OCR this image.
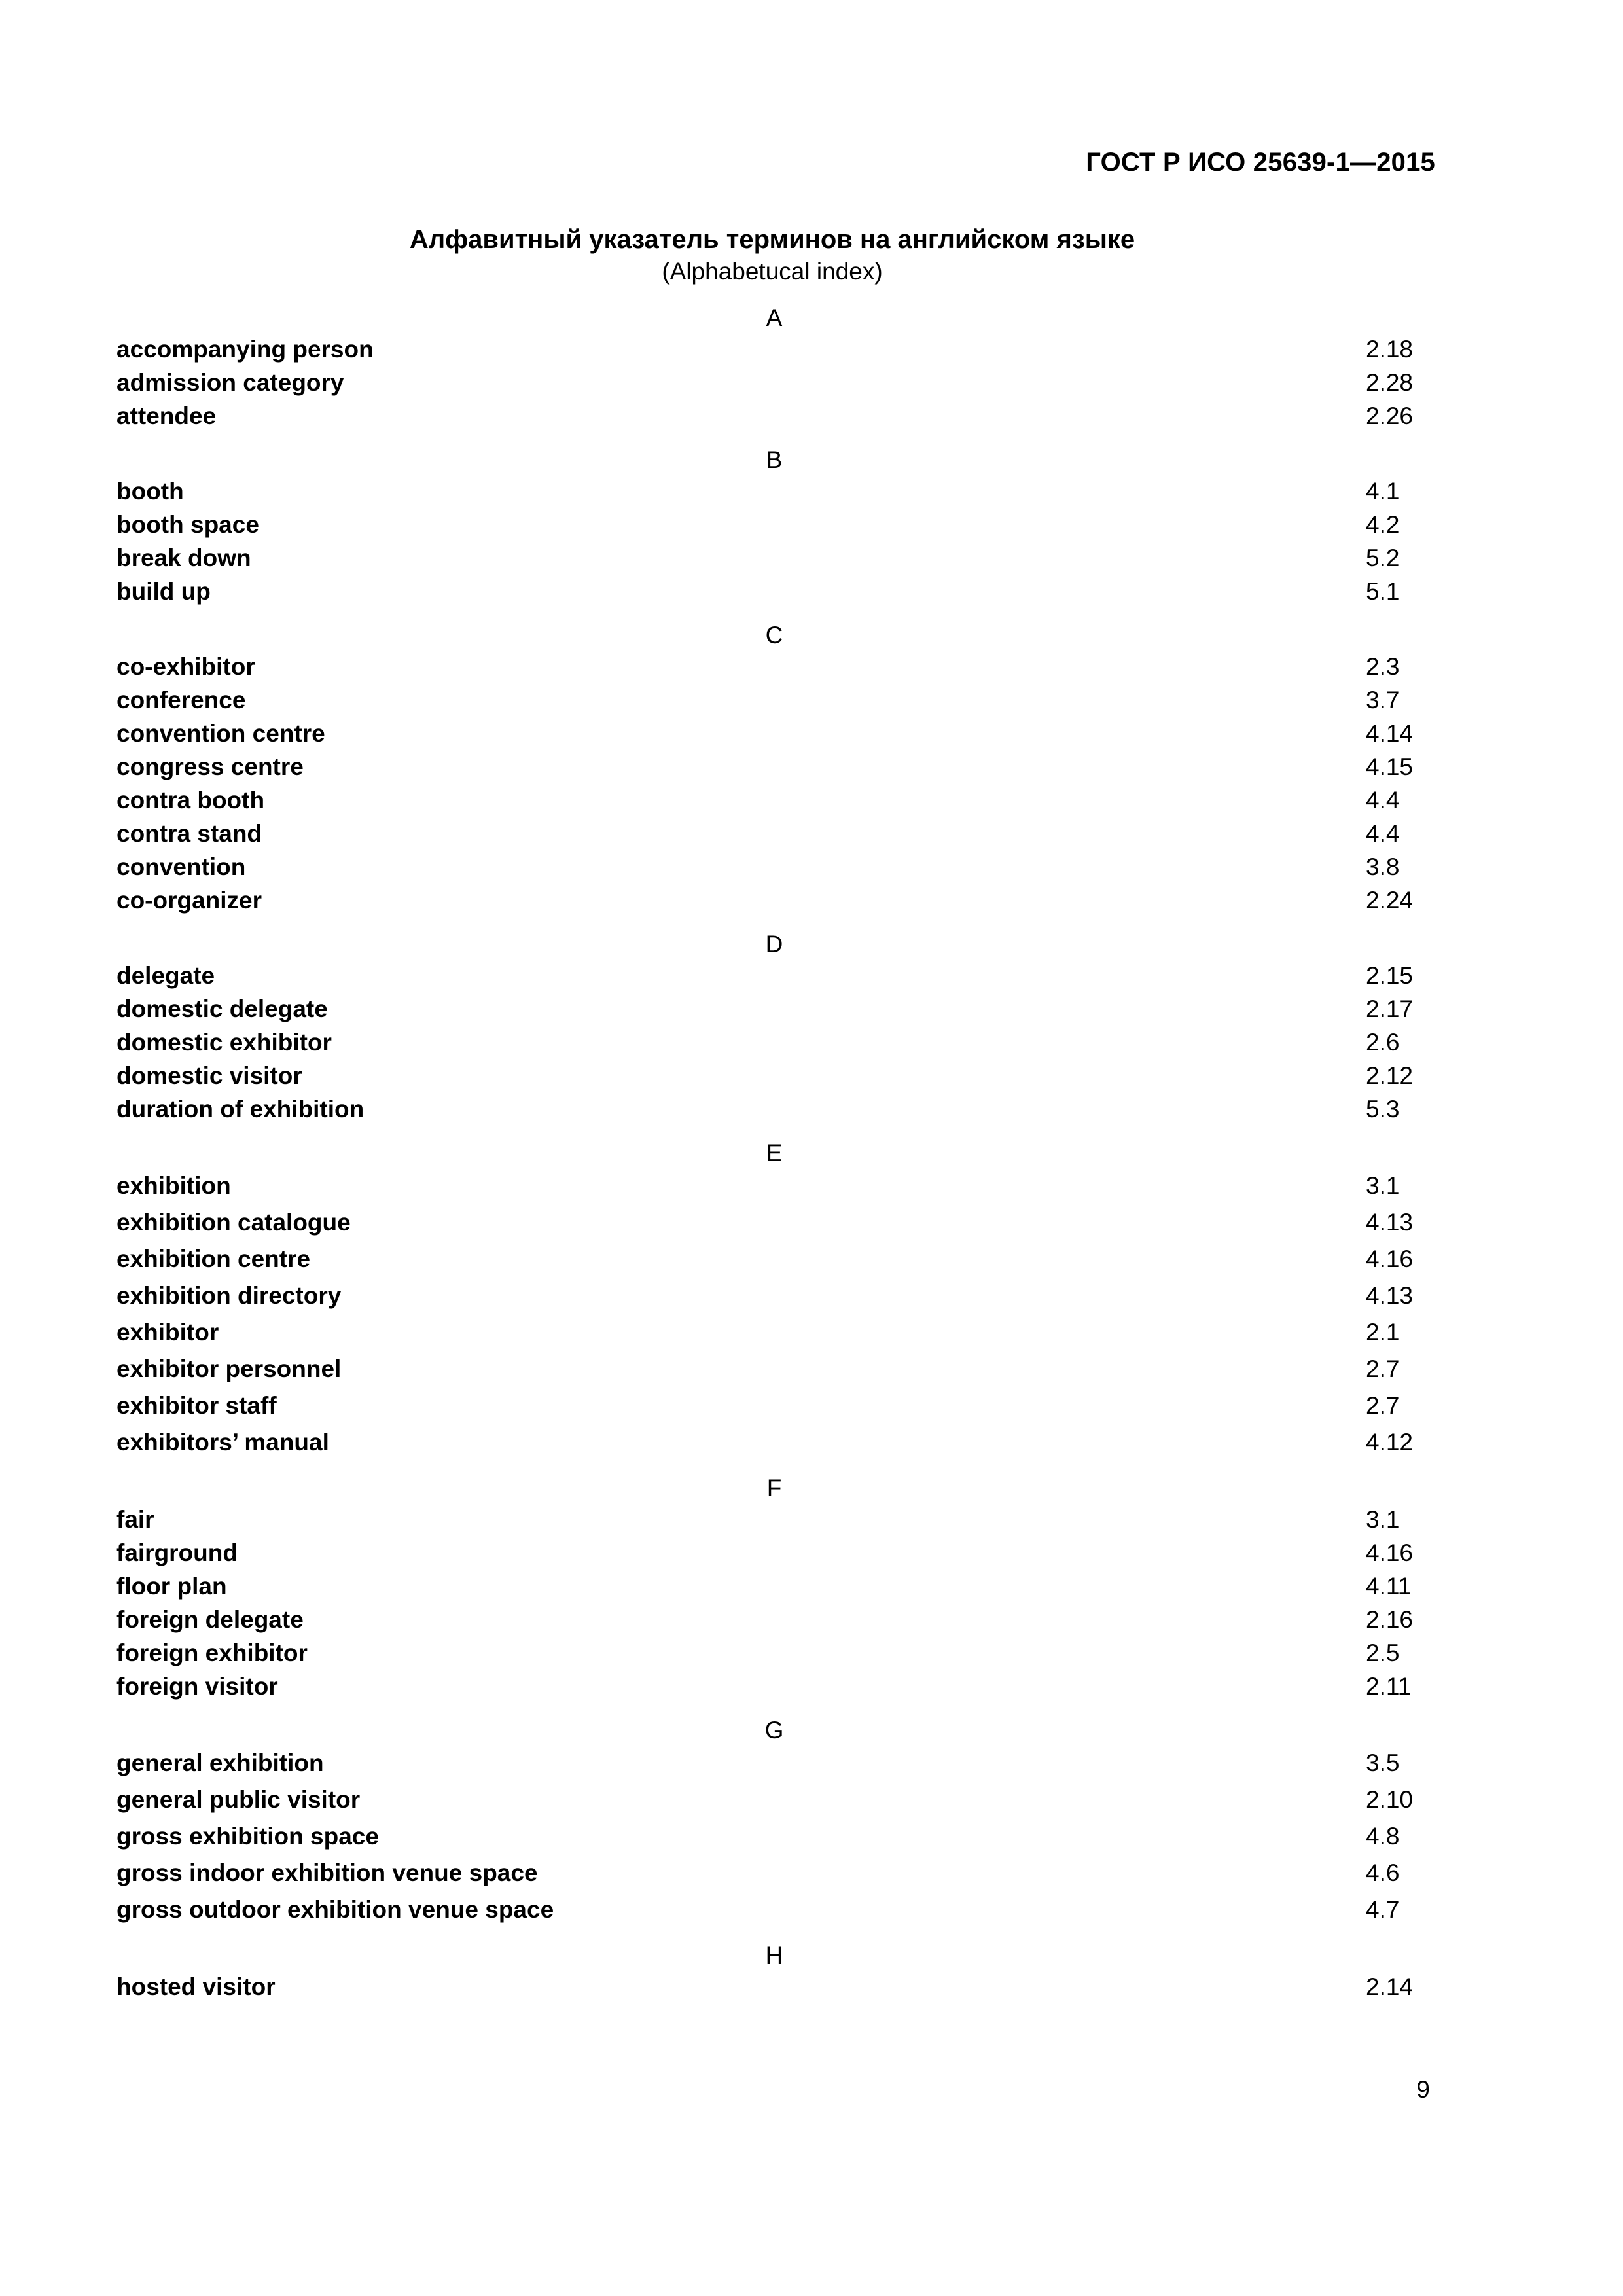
ГОСТ Р ИСО 25639-1—2015
Алфавитный указатель терминов на английском языке
(Alphabetucal index)
A
accompanying person	2.18
admission category	2.28
attendee	2.26
B
booth	4.1
booth space	4.2
break down	5.2
build up	5.1
C
co-exhibitor	2.3
conference	3.7
convention centre	4.14
congress centre	4.15
contra booth	4.4
contra stand	4.4
convention	3.8
co-organizer	2.24
D
delegate	2.15
domestic delegate	2.17
domestic exhibitor	2.6
domestic visitor	2.12
duration of exhibition	5.3
E
exhibition	3.1
exhibition catalogue	4.13
exhibition centre	4.16
exhibition directory	4.13
exhibitor	2.1
exhibitor personnel	2.7
exhibitor staff	2.7
exhibitors’ manual	4.12
F
fair	3.1
fairground	4.16
floor plan	4.11
foreign delegate	2.16
foreign exhibitor	2.5
foreign visitor	2.11
G
general exhibition	3.5
general public visitor	2.10
gross exhibition space	4.8
gross indoor exhibition venue space	4.6
gross outdoor exhibition venue space	4.7
H
hosted visitor	2.14
9
